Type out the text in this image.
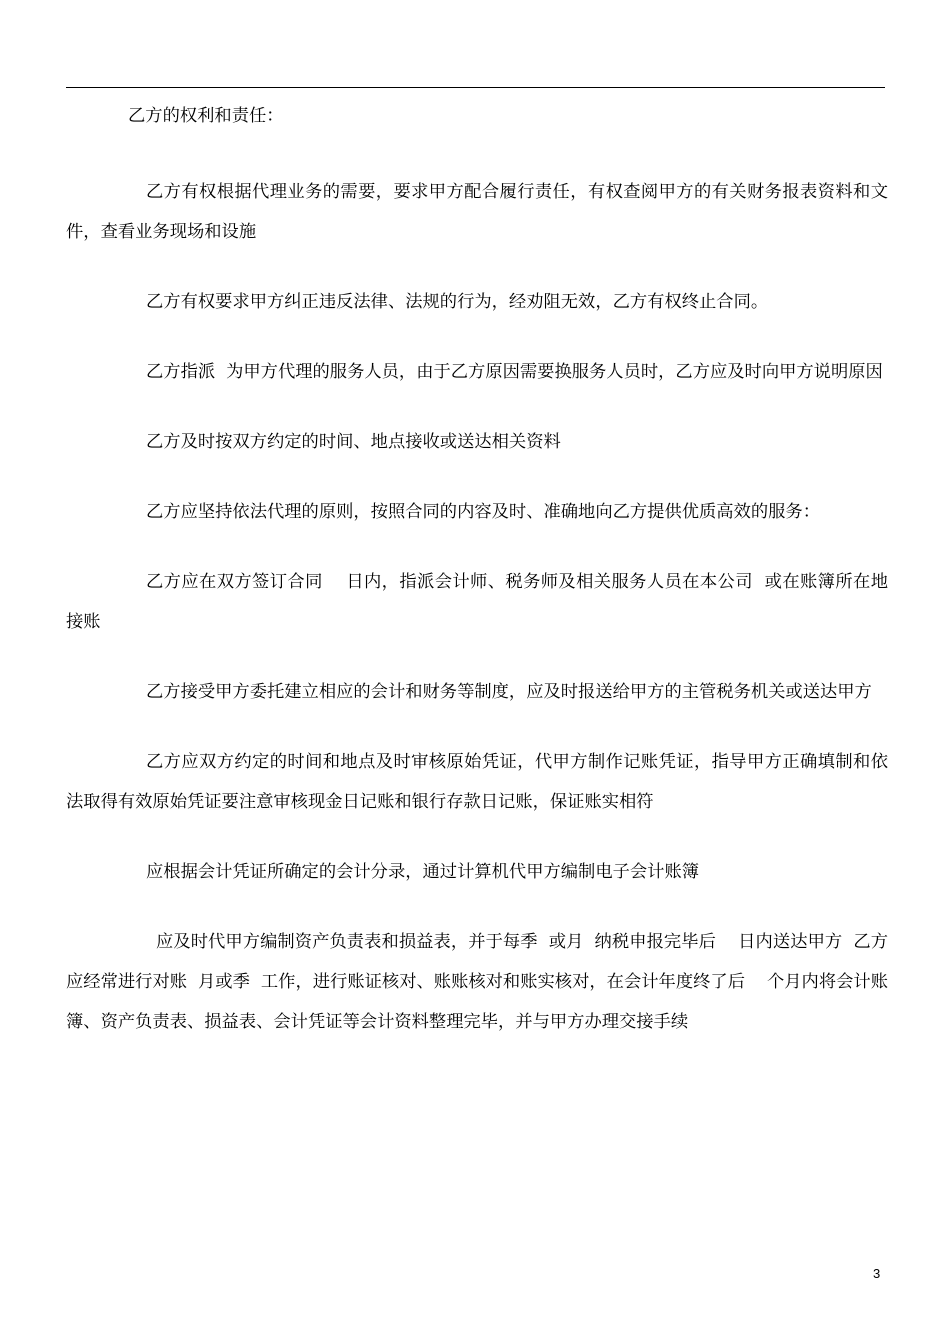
乙方的权利和责任：

乙方有权根据代理业务的需要，要求甲方配合履行责任，有权查阅甲方的有关财务报表资料和文件，查看业务现场和设施

乙方有权要求甲方纠正违反法律、法规的行为，经劝阻无效，乙方有权终止合同。

乙方指派  为甲方代理的服务人员，由于乙方原因需要换服务人员时，乙方应及时向甲方说明原因

乙方及时按双方约定的时间、地点接收或送达相关资料

乙方应坚持依法代理的原则，按照合同的内容及时、准确地向乙方提供优质高效的服务：

乙方应在双方签订合同    日内，指派会计师、税务师及相关服务人员在本公司  或在账簿所在地  接账

乙方接受甲方委托建立相应的会计和财务等制度，应及时报送给甲方的主管税务机关或送达甲方

乙方应双方约定的时间和地点及时审核原始凭证，代甲方制作记账凭证，指导甲方正确填制和依法取得有效原始凭证要注意审核现金日记账和银行存款日记账，保证账实相符

应根据会计凭证所确定的会计分录，通过计算机代甲方编制电子会计账簿

应及时代甲方编制资产负责表和损益表，并于每季  或月  纳税申报完毕后    日内送达甲方  乙方应经常进行对账  月或季  工作，进行账证核对、账账核对和账实核对，在会计年度终了后    个月内将会计账簿、资产负责表、损益表、会计凭证等会计资料整理完毕，并与甲方办理交接手续

3
